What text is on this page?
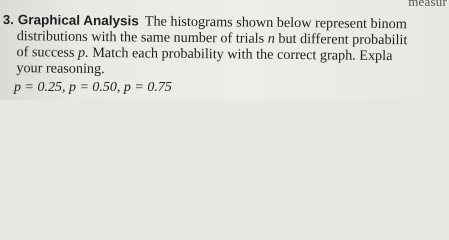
measur
3. Graphical Analysis The histograms shown below represent binom
distributions with the same number of trials n but different probabilit
of success p. Match each probability with the correct graph. Expla
your reasoning.
p = 0.25, p = 0.50, p = 0.75
